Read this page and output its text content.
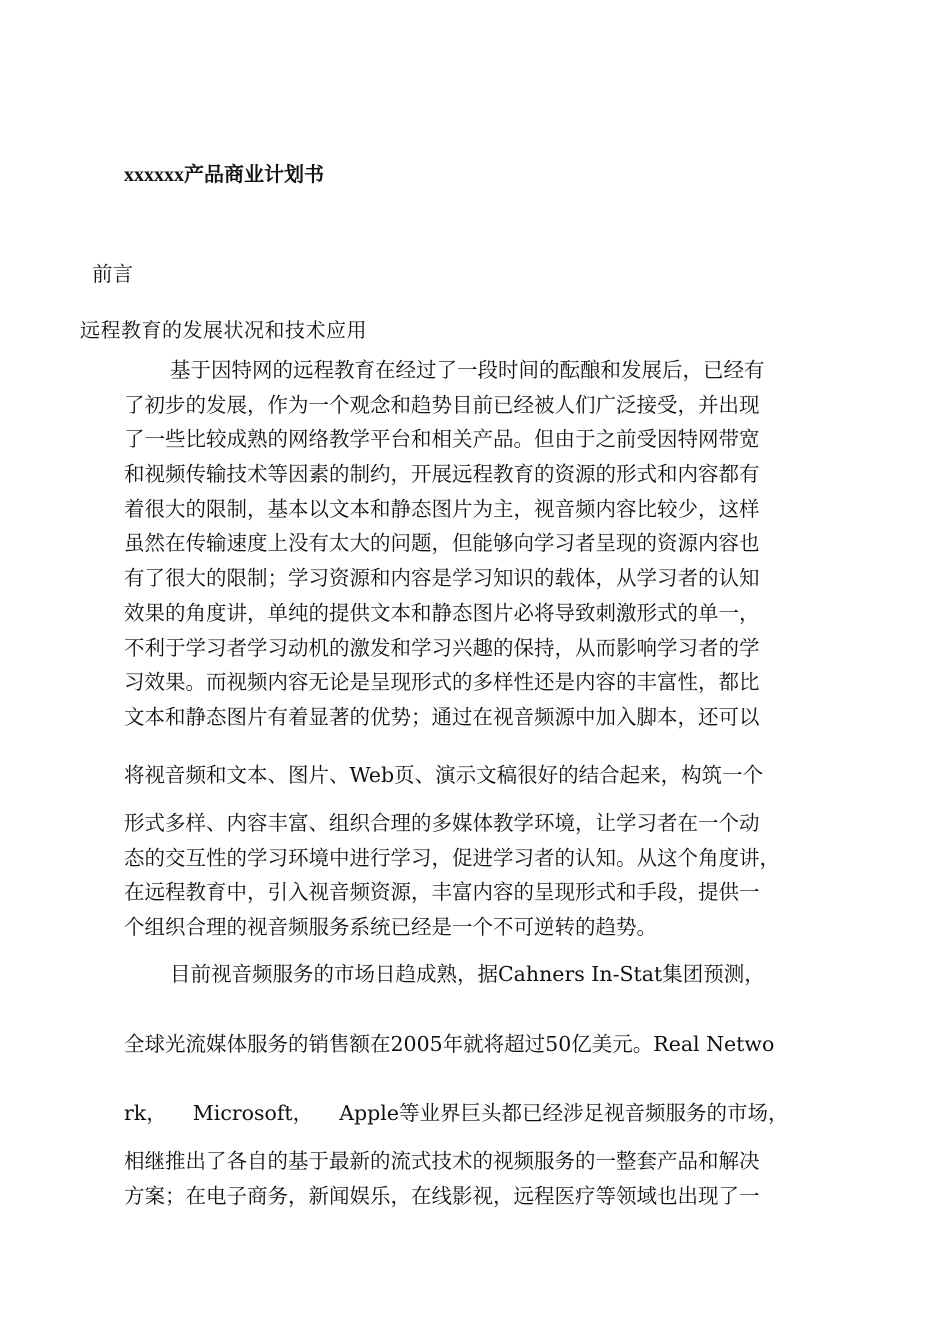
xxxxxx产品商业计划书
前言
远程教育的发展状况和技术应用
基于因特网的远程教育在经过了一段时间的酝酿和发展后，已经有
了初步的发展，作为一个观念和趋势目前已经被人们广泛接受，并出现
了一些比较成熟的网络教学平台和相关产品。但由于之前受因特网带宽
和视频传输技术等因素的制约，开展远程教育的资源的形式和内容都有
着很大的限制，基本以文本和静态图片为主，视音频内容比较少，这样
虽然在传输速度上没有太大的问题，但能够向学习者呈现的资源内容也
有了很大的限制；学习资源和内容是学习知识的载体，从学习者的认知
效果的角度讲，单纯的提供文本和静态图片必将导致刺激形式的单一，
不利于学习者学习动机的激发和学习兴趣的保持，从而影响学习者的学
习效果。而视频内容无论是呈现形式的多样性还是内容的丰富性，都比
文本和静态图片有着显著的优势；通过在视音频源中加入脚本，还可以
将视音频和文本、图片、Web页、演示文稿很好的结合起来，构筑一个
形式多样、内容丰富、组织合理的多媒体教学环境，让学习者在一个动
态的交互性的学习环境中进行学习，促进学习者的认知。从这个角度讲，
在远程教育中，引入视音频资源，丰富内容的呈现形式和手段，提供一
个组织合理的视音频服务系统已经是一个不可逆转的趋势。
目前视音频服务的市场日趋成熟，据Cahners In-Stat集团预测，
全球光流媒体服务的销售额在2005年就将超过50亿美元。Real Netwo
rk，    Microsoft，    Apple等业界巨头都已经涉足视音频服务的市场，
相继推出了各自的基于最新的流式技术的视频服务的一整套产品和解决
方案；在电子商务，新闻娱乐，在线影视，远程医疗等领域也出现了一
